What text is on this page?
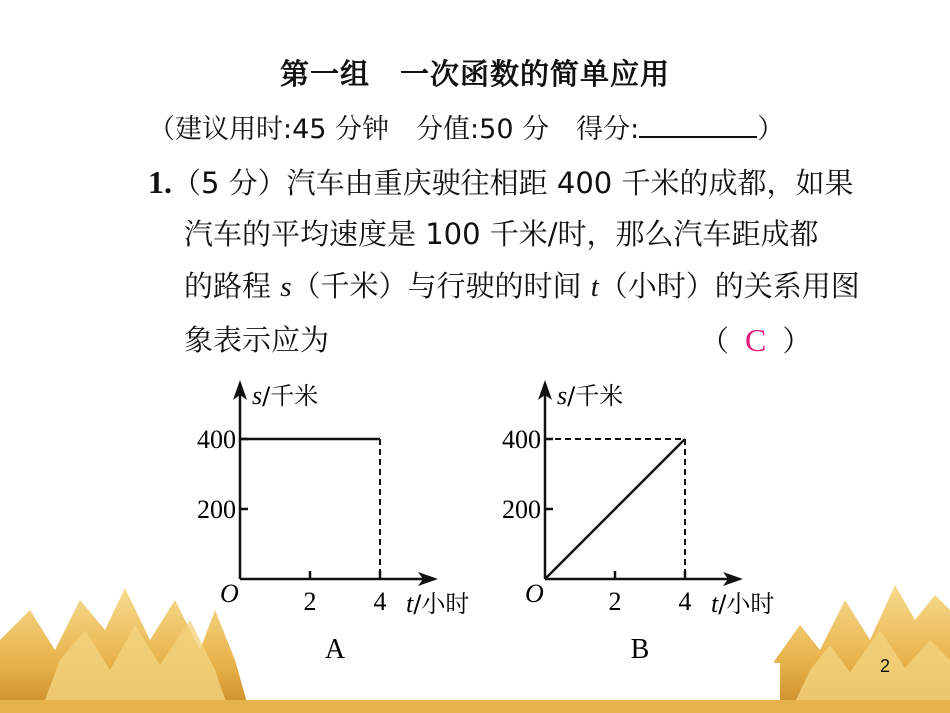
第一组　一次函数的简单应用
（建议用时:45 分钟　分值:50 分　得分:	）
1.（5 分）汽车由重庆驶往相距 400 千米的成都，如果
汽车的平均速度是 100 千米/时，那么汽车距成都
的路程 s（千米）与行驶的时间 t（小时）的关系用图
象表示应为	（ C ）
s/千米
400
200
O 2 4 t/小时
A
s/千米
400
200
O 2 4 t/小时
B
2
